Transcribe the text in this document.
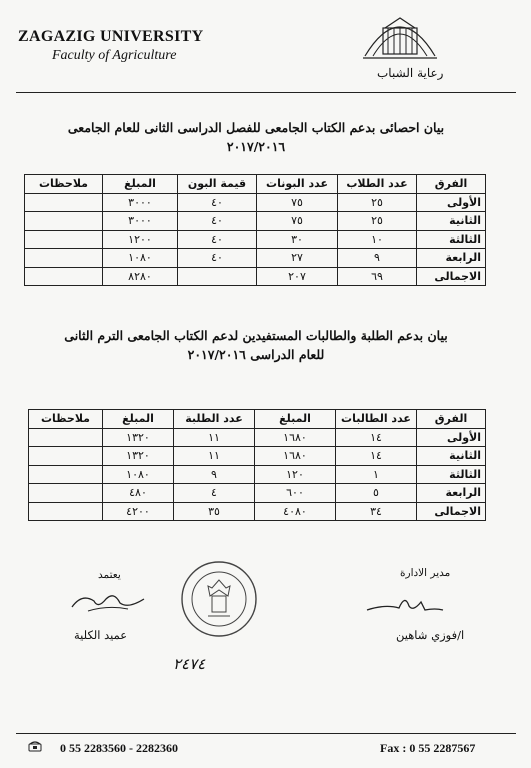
ZAGAZIG UNIVERSITY
Faculty of Agriculture
رعاية الشباب
بيان احصائى بدعم الكتاب الجامعى للفصل الدراسى الثانى للعام الجامعى
٢٠١٧/٢٠١٦
الفرق	عدد الطلاب	عدد البونات	قيمة البون	المبلغ	ملاحظات
الأولى	٢٥	٧٥	٤٠	٣٠٠٠	
الثانية	٢٥	٧٥	٤٠	٣٠٠٠	
الثالثة	١٠	٣٠	٤٠	١٢٠٠	
الرابعة	٩	٢٧	٤٠	١٠٨٠	
الاجمالى	٦٩	٢٠٧		٨٢٨٠	
بيان بدعم الطلبة والطالبات المستفيدين لدعم الكتاب الجامعى الترم الثانى
للعام الدراسى ٢٠١٧/٢٠١٦
الفرق	عدد الطالبات	المبلغ	عدد الطلبة	المبلغ	ملاحظات
الأولى	١٤	١٦٨٠	١١	١٣٢٠	
الثانية	١٤	١٦٨٠	١١	١٣٢٠	
الثالثة	١	١٢٠	٩	١٠٨٠	
الرابعة	٥	٦٠٠	٤	٤٨٠	
الاجمالى	٣٤	٤٠٨٠	٣٥	٤٢٠٠	
مدير الادارة
ا/فوزي شاهين
يعتمد
عميد الكلية
٢٤٧٤
0 55 2283560 - 2282360	Fax : 0 55 2287567
